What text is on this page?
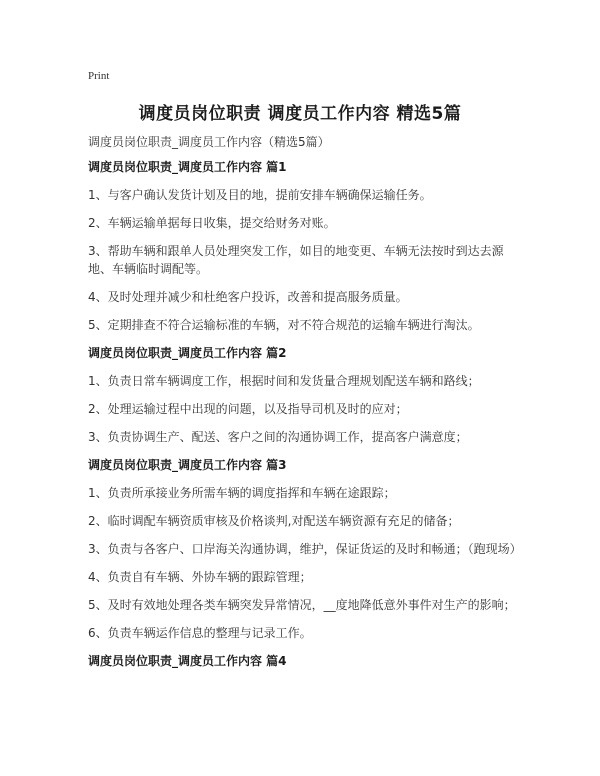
Print
调度员岗位职责 调度员工作内容 精选5篇
调度员岗位职责_调度员工作内容（精选5篇）
调度员岗位职责_调度员工作内容 篇1
1、与客户确认发货计划及目的地，提前安排车辆确保运输任务。
2、车辆运输单据每日收集，提交给财务对账。
3、帮助车辆和跟单人员处理突发工作，如目的地变更、车辆无法按时到达去源地、车辆临时调配等。
4、及时处理并减少和杜绝客户投诉，改善和提高服务质量。
5、定期排查不符合运输标准的车辆，对不符合规范的运输车辆进行淘汰。
调度员岗位职责_调度员工作内容 篇2
1、负责日常车辆调度工作，根据时间和发货量合理规划配送车辆和路线；
2、处理运输过程中出现的问题，以及指导司机及时的应对；
3、负责协调生产、配送、客户之间的沟通协调工作，提高客户满意度；
调度员岗位职责_调度员工作内容 篇3
1、负责所承接业务所需车辆的调度指挥和车辆在途跟踪；
2、临时调配车辆资质审核及价格谈判,对配送车辆资源有充足的储备；
3、负责与各客户、口岸海关沟通协调，维护，保证货运的及时和畅通；（跑现场）
4、负责自有车辆、外协车辆的跟踪管理；
5、及时有效地处理各类车辆突发异常情况，__度地降低意外事件对生产的影响；
6、负责车辆运作信息的整理与记录工作。
调度员岗位职责_调度员工作内容 篇4
